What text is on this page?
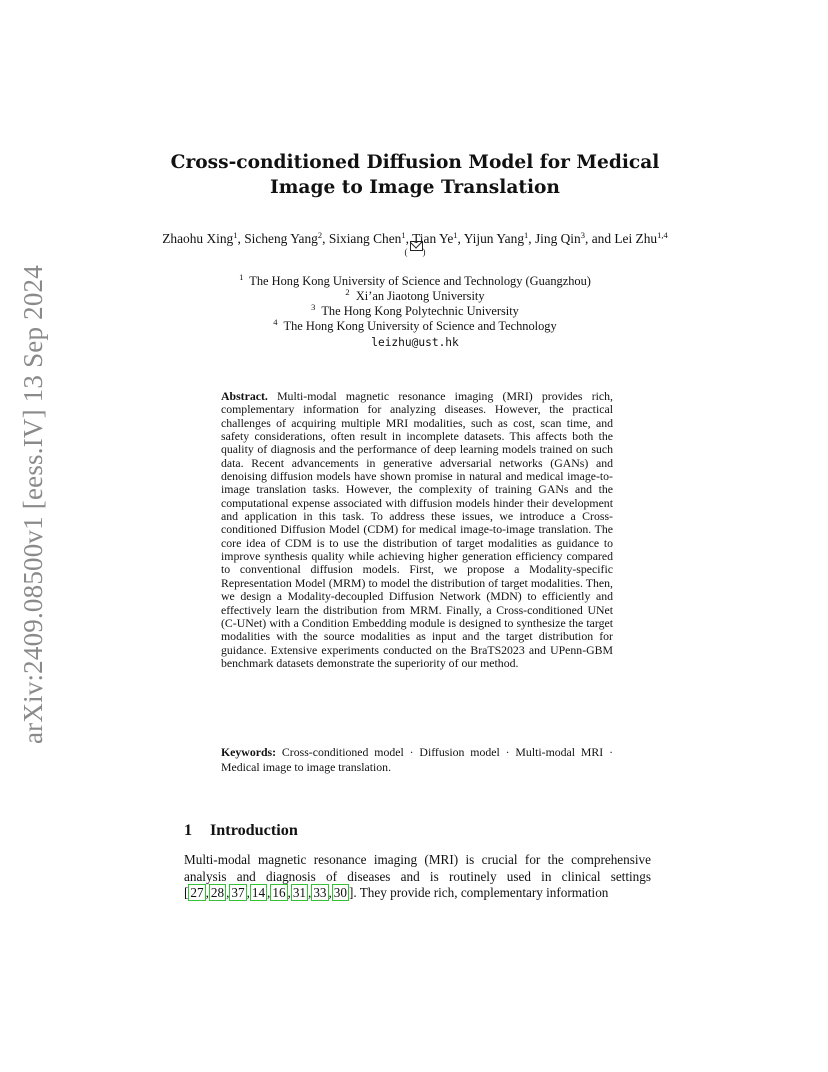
arXiv:2409.08500v1 [eess.IV] 13 Sep 2024
Cross-conditioned Diffusion Model for Medical
Image to Image Translation
Zhaohu Xing$^1$, Sicheng Yang$^2$, Sixiang Chen$^1$, Tian Ye$^1$, Yijun Yang$^1$, Jing Qin$^3$, and Lei Zhu$^{1,4}$ ( )
$^1$ The Hong Kong University of Science and Technology (Guangzhou)
$^2$ Xi’an Jiaotong University
$^3$ The Hong Kong Polytechnic University
$^4$ The Hong Kong University of Science and Technology
leizhu@ust.hk
Abstract. Multi-modal magnetic resonance imaging (MRI) provides rich, complementary information for analyzing diseases. However, the practical challenges of acquiring multiple MRI modalities, such as cost, scan time, and safety considerations, often result in incomplete datasets. This affects both the quality of diagnosis and the performance of deep learning models trained on such data. Recent advancements in generative adversarial networks (GANs) and denoising diffusion models have shown promise in natural and medical image-to-image translation tasks. However, the complexity of training GANs and the computational expense associated with diffusion models hinder their development and application in this task. To address these issues, we introduce a Cross-conditioned Diffusion Model (CDM) for medical image-to-image translation. The core idea of CDM is to use the distribution of target modalities as guidance to improve synthesis quality while achieving higher generation efficiency compared to conventional diffusion models. First, we propose a Modality-specific Representation Model (MRM) to model the distribution of target modalities. Then, we design a Modality-decoupled Diffusion Network (MDN) to efficiently and effectively learn the distribution from MRM. Finally, a Cross-conditioned UNet (C-UNet) with a Condition Embedding module is designed to synthesize the target modalities with the source modalities as input and the target distribution for guidance. Extensive experiments conducted on the BraTS2023 and UPenn-GBM benchmark datasets demonstrate the superiority of our method.
Keywords: Cross-conditioned model · Diffusion model · Multi-modal MRI · Medical image to image translation.
1 Introduction
Multi-modal magnetic resonance imaging (MRI) is crucial for the comprehensive analysis and diagnosis of diseases and is routinely used in clinical settings [ 27 , 28 , 37 , 14 , 16 , 31 , 33 , 30 ]. They provide rich, complementary information
